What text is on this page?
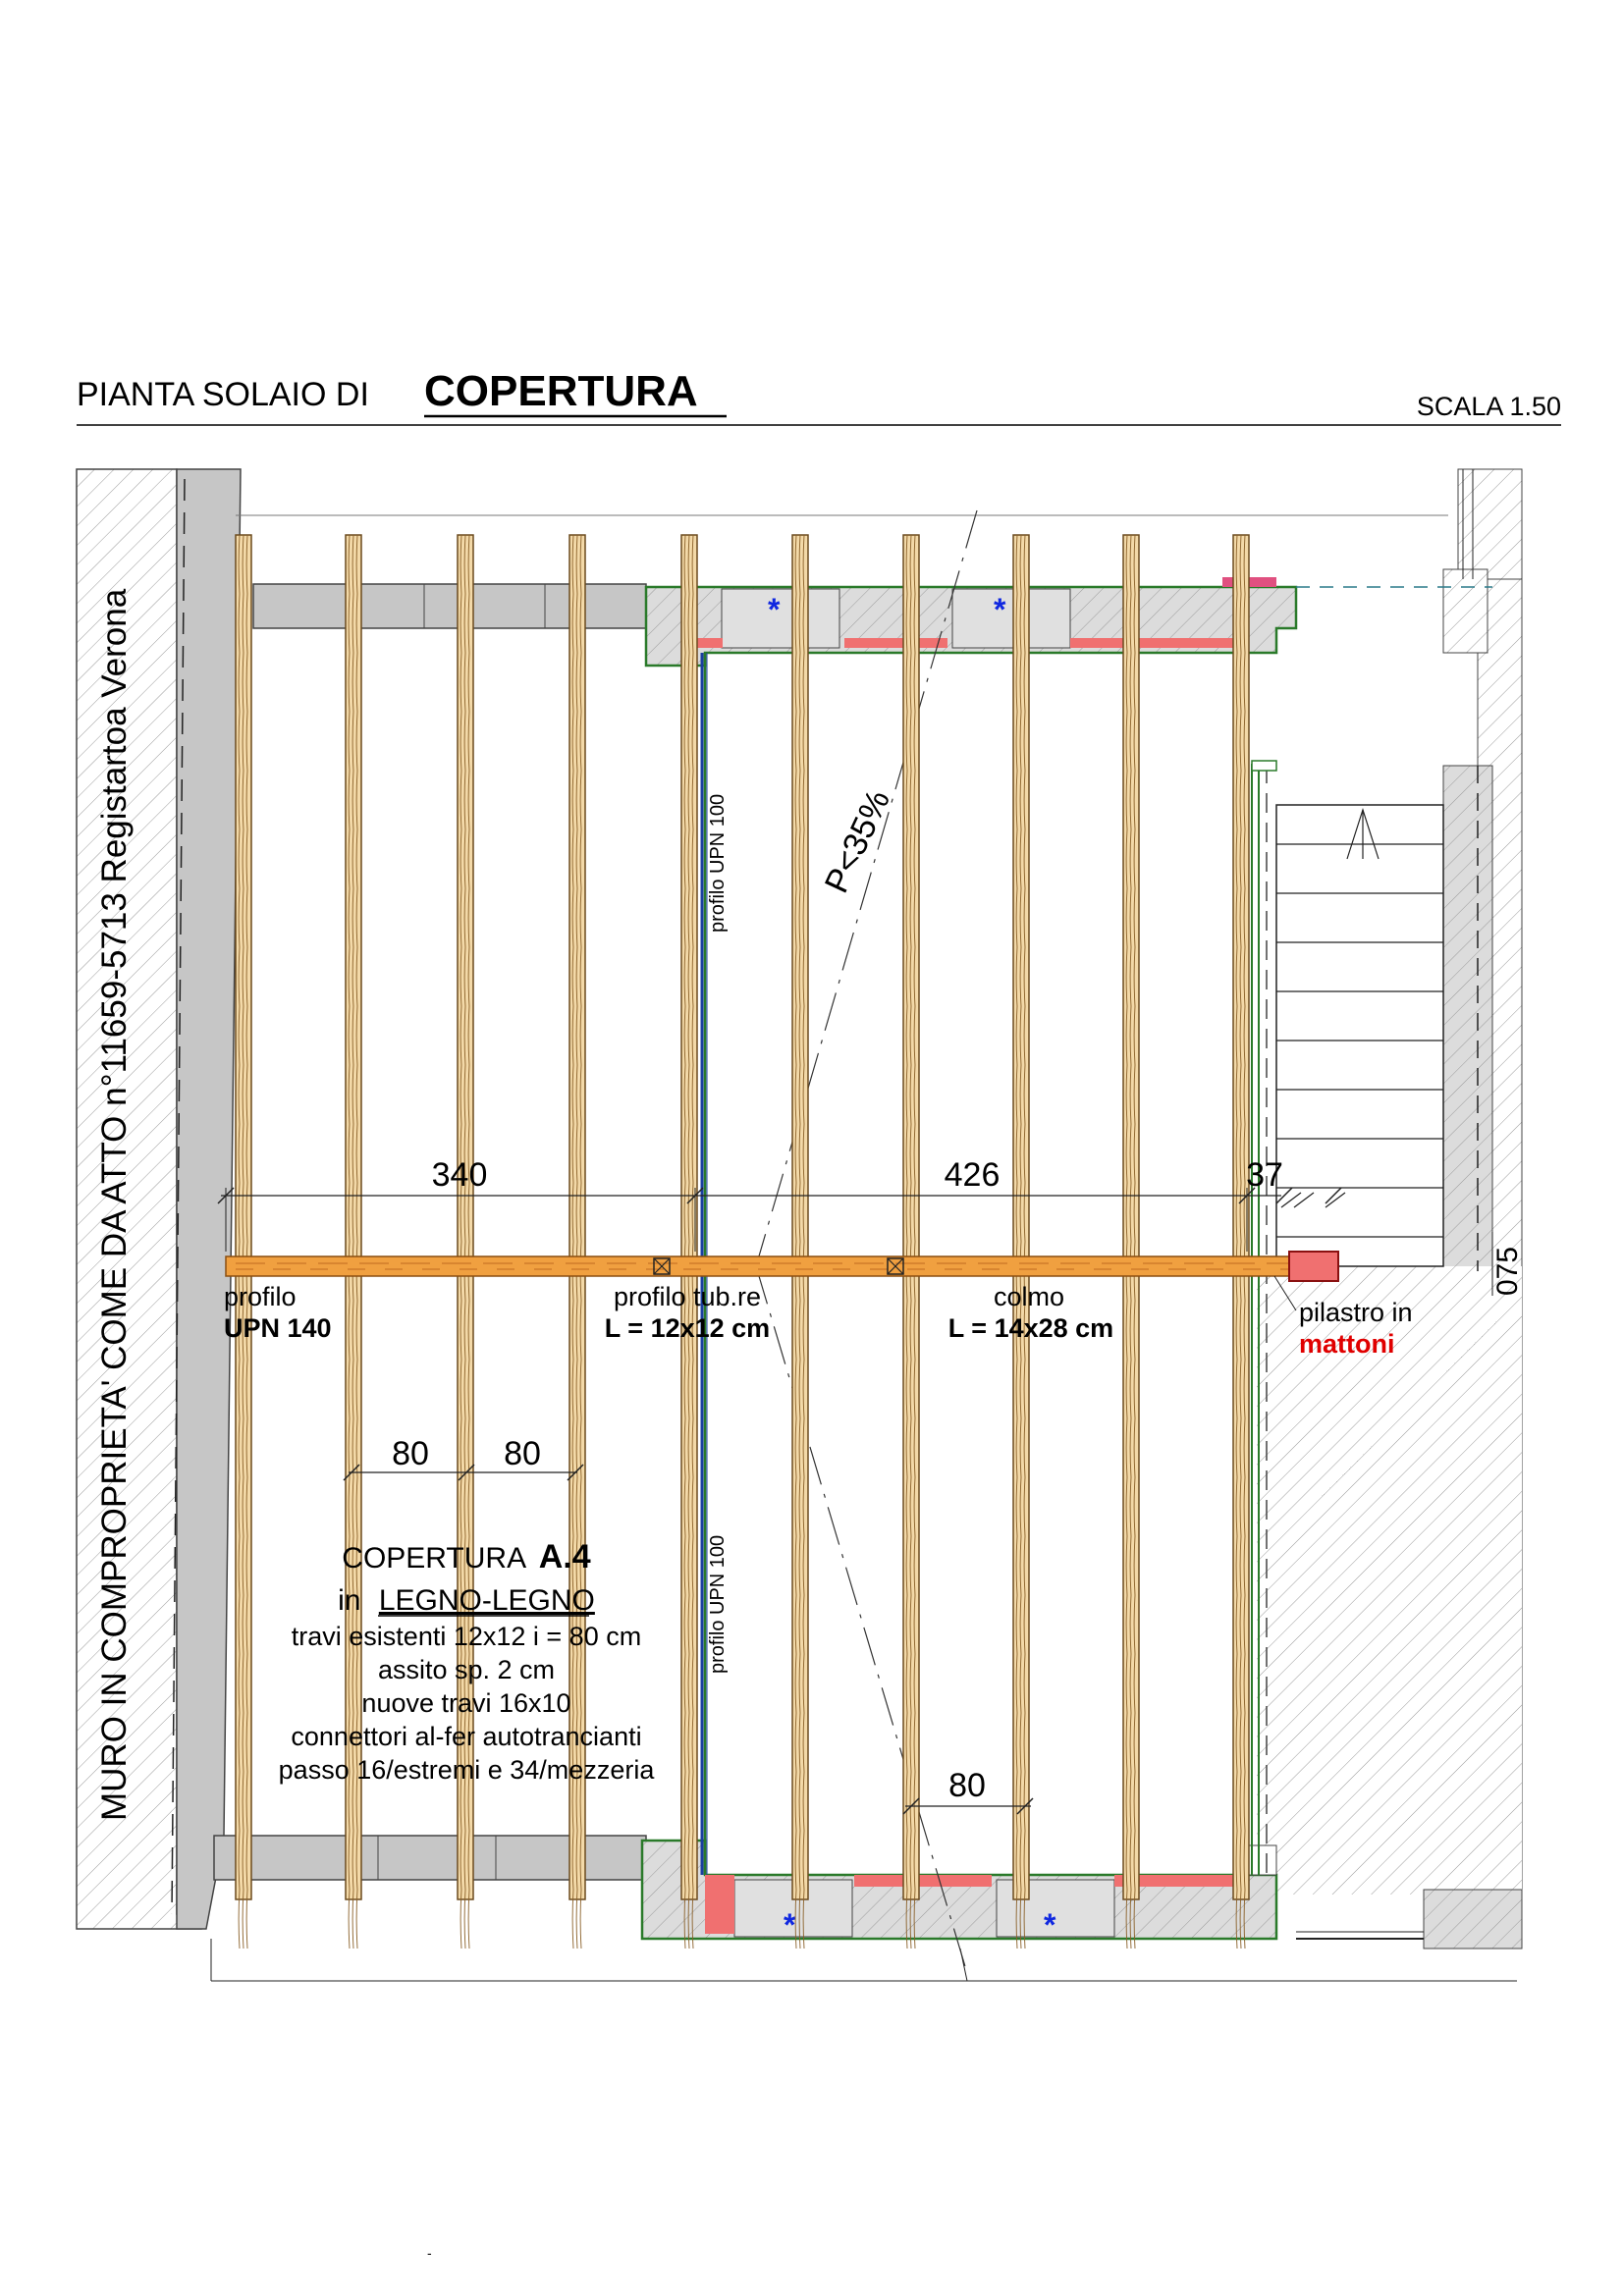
PIANTA SOLAIO DI COPERTURA	SCALA 1.50
MURO IN COMPROPRIETA' COME DA ATTO n°11659-5713 Registartoa Verona	*	*
*	*
P<35%
340	426	37
075
80 80
80
profilo UPN 100
profilo UPN 100
profilo
UPN 140
profilo tub.re
L = 12x12 cm
colmo
L = 14x28 cm
pilastro in
mattoni
COPERTURA A.4
in LEGNO-LEGNO
travi esistenti 12x12 i = 80 cm
assito sp. 2 cm
nuove travi 16x10
connettori al-fer autotrancianti
passo 16/estremi e 34/mezzeria
-
